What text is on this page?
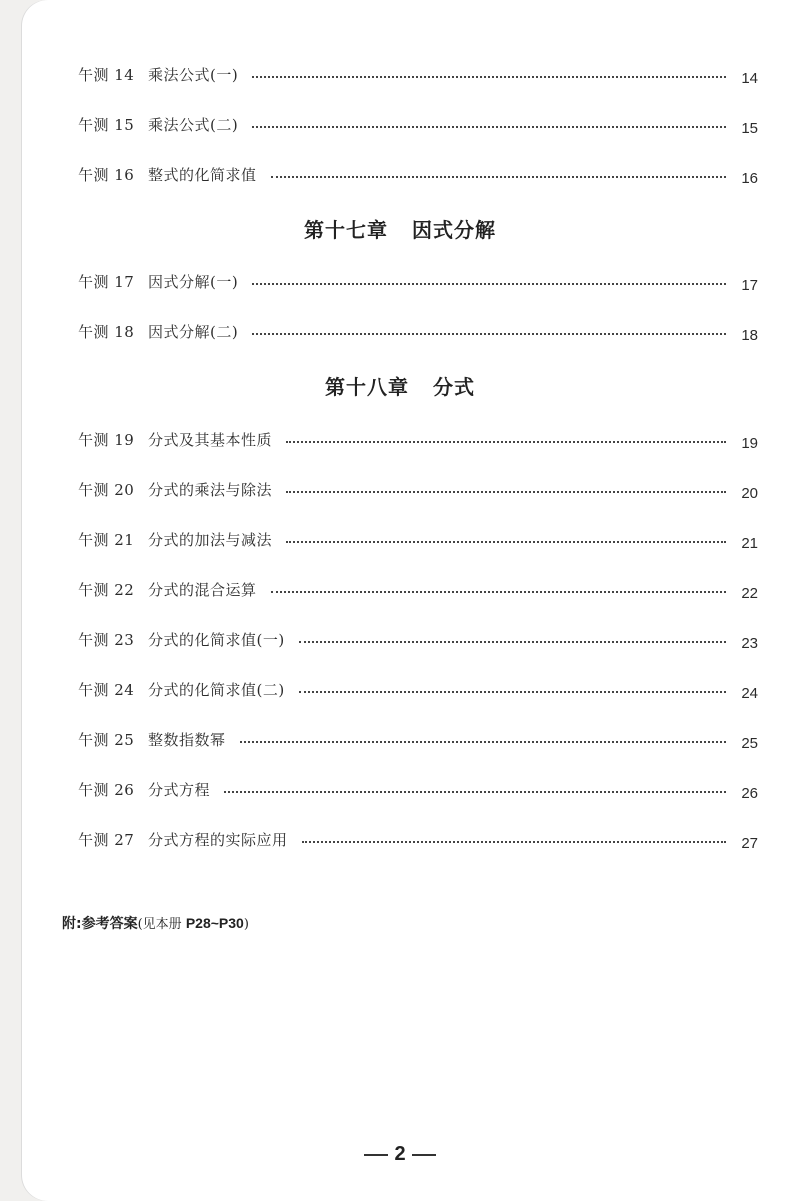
午测 14 乘法公式(一)	14
午测 15 乘法公式(二)	15
午测 16 整式的化简求值	16
第十七章 因式分解
午测 17 因式分解(一)	17
午测 18 因式分解(二)	18
第十八章 分式
午测 19 分式及其基本性质	19
午测 20 分式的乘法与除法	20
午测 21 分式的加法与减法	21
午测 22 分式的混合运算	22
午测 23 分式的化简求值(一)	23
午测 24 分式的化简求值(二)	24
午测 25 整数指数幂	25
午测 26 分式方程	26
午测 27 分式方程的实际应用	27
附:参考答案(见本册 P28~P30)
2
